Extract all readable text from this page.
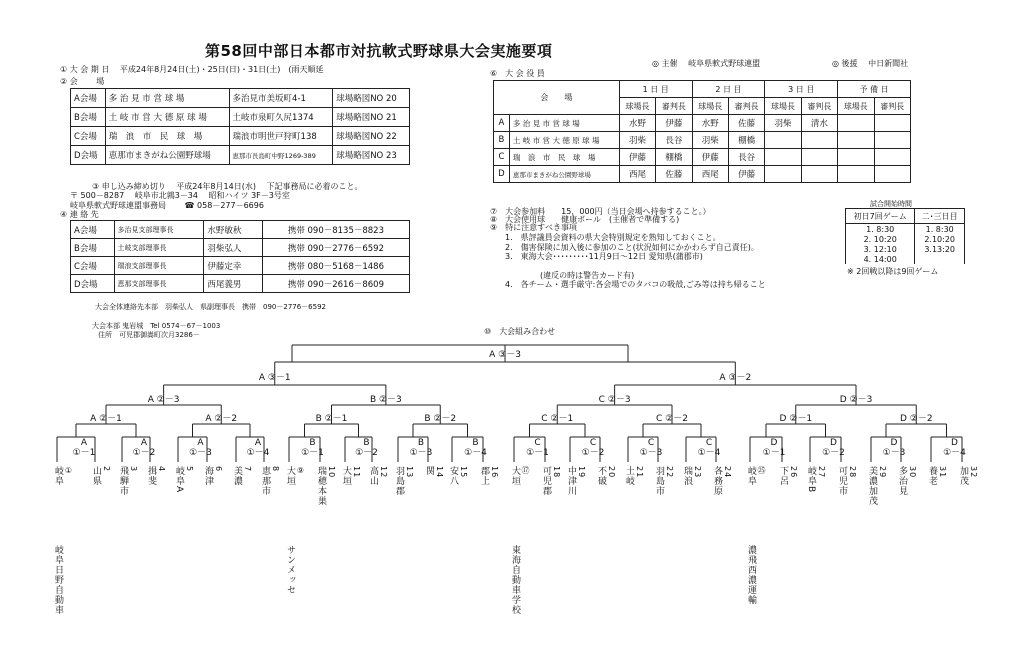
第58回中部日本都市対抗軟式野球県大会実施要項
◎ 主催　 岐阜県軟式野球連盟	◎ 後援　 中日新聞社
① 大 会 期 日　 平成24年8月24日(土)・25日(日)・31日(土)　(雨天順延
② 会　　 場
A会場	多 治 見 市 営 球 場	多治見市美坂町4-1	球場略図NO 20
B会場	土 岐 市 営 大 德 原 球 場	土岐市泉町久尻1374	球場略図NO 21
C会場	瑞　浪　市　民　球　場	瑞浪市明世戸狩町138	球場略図NO 22
D会場	恵那市まきがね公園野球場	恵那市長島町中野1269-389	球場略図NO 23
③ 申し込み締め切り　 平成24年8月14日(水)　 下記事務局に必着のこと。
〒 500－8287　 岐阜市北鶉3－34　 昭和ハイツ 3F－3号室
岐阜県軟式野球連盟事務局　　 ☎ 058－277－6696
④ 連 絡 先
A会場	多治見支部理事長	水野敏秋	携帯 090－8135－8823
B会場	土岐支部理事長	羽柴弘人	携帯 090－2776－6592
C会場	瑞浪支部理事長	伊藤定幸	携帯 080－5168－1486
D会場	恵那支部理事長	西尾義男	携帯 090－2616－8609
大会全体連絡先本部　羽柴弘人　県副理事長　携帯　090－2776－6592
大会本部 鬼岩城　Tel 0574－67－1003
住所　可児郡御嵩町次月3286－
⑥　大 会 役 員
会　　場		1 日 目		2 日 目		3 日 目		予 備 日	
		球場長	審判長	球場長	審判長	球場長	審判長	球場長	審判長
A	多 治 見 市 営 球 場	水野	伊藤	水野	佐藤	羽柴	清水		
B	土 岐 市 営 大 徳 原 球 場	羽柴	長谷	羽柴	棚橋				
C	瑞　浪　市　民　球　場	伊藤	棚橋	伊藤	長谷				
D	恵那市まきがね公園野球場	西尾	佐藤	西尾	伊藤				
⑦　大会参加料　　15，000円（当日会場へ持参すること。）
⑧　大会使用球　　健康ボール　(主催者で準備する)
⑨　特に注意すべき事項
1.　県評議員会資料の県大会特別規定を熟知しておくこと。
2.　傷害保険に加入後に参加のこと(状況如何にかかわらず自己責任)。
3.　東海大会･････････11月9日～12日 愛知県(蒲郡市)
(違反の時は警告カード有)
4.　各チーム・選手厳守:各会場でのタバコの吸殻,ごみ等は持ち帰ること
試合開始時間
初日7回ゲーム	二･三日目
1. 8:30	1. 8:30
2. 10:20	2.10:20
3. 12:10	3.13:20
4. 14:00	
※ 2回戦以降は9回ゲーム
⑩　大会組み合わせ
A
①－1
A
①－2
A
①－3
A
①－4
B
①－1
B
①－2
B
①－3
B
①－4
C
①－1
C
①－2
C
①－3
C
①－4
D
①－1
D
①－2
D
①－3
D
①－4
A ②－1	A ②－2	B ②－1	B ②－2	C ②－1	C ②－2	D ②－1	D ②－2
A ②－3	B ②－3	C ②－3	D ②－3
A ③－1	A ③－2
A ③－3
①
岐阜	2
山県	3
飛騨市	4
揖斐	5
岐阜A	6
海津	7
美濃	8
恵那市	⑨
大垣	10
瑞穂本巣	11
大垣	12
高山	13
羽島郡	14
関	15
安八	16
郡上	⑰
大垣	18
可児郡	19
中津川	20
不破	21
土岐	22
羽島市	23
瑞浪	24
各務原	㉕
岐阜	26
下呂	27
岐阜B	28
可児市	29
美濃加茂	30
多治見	31
養老	32
加茂
岐阜日野自動車	サンメッセ	東海自動車学校	濃飛西濃運輸
